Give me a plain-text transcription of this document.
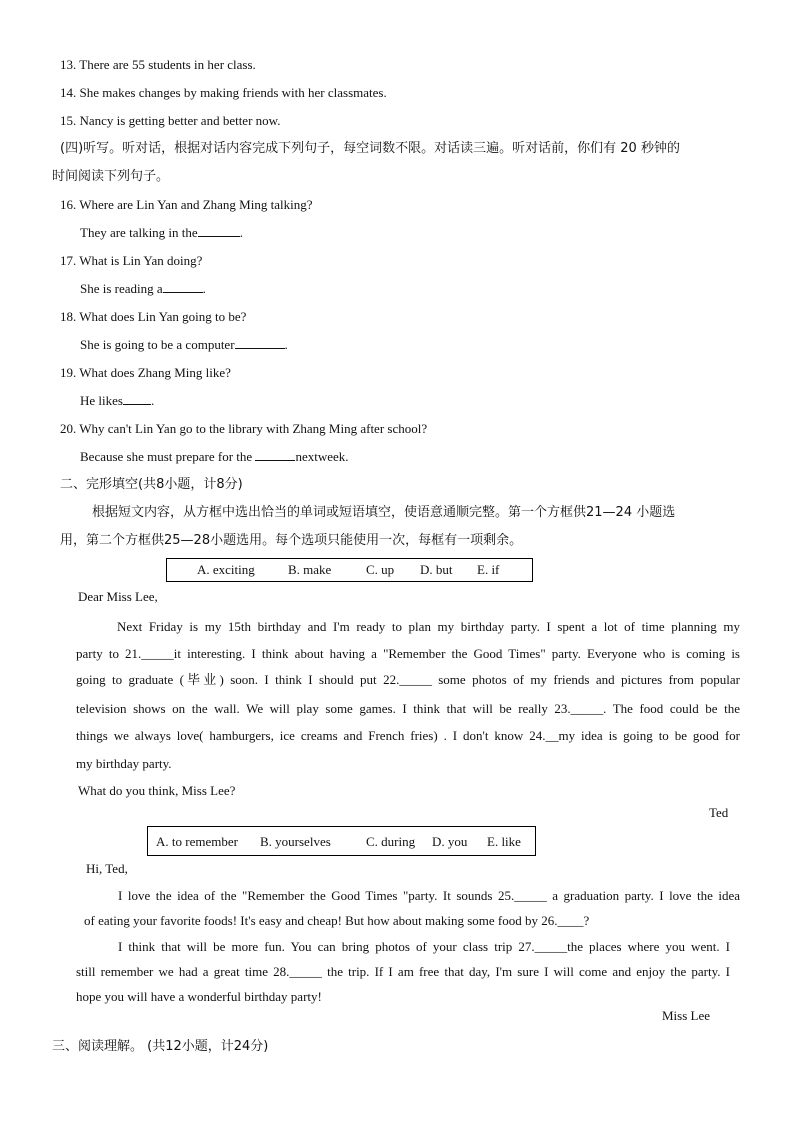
13. There are 55 students in her class.
14. She makes changes by making friends with her classmates.
15. Nancy is getting better and better now.
(四)听写。听对话，根据对话内容完成下列句子，每空词数不限。对话读三遍。听对话前，你们有 20 秒钟的
时间阅读下列句子。
16. Where are Lin Yan and Zhang Ming talking?
They are talking in the	.
17. What is Lin Yan doing?
She is reading a	.
18. What does Lin Yan going to be?
She is going to be a computer	.
19. What does Zhang Ming like?
He likes .
20. Why can't Lin Yan go to the library with Zhang Ming after school?
Because she must prepare for the	nextweek.
二、完形填空(共8小题，计8分)
根据短文内容，从方框中选出恰当的单词或短语填空，使语意通顺完整。第一个方框供21—24 小题选
用，第二个方框供25—28小题选用。每个选项只能使用一次，每框有一项剩余。
A. exciting	B. make	C. up D. but E. if
Dear Miss Lee,
Next Friday is my 15th birthday and I'm ready to plan my birthday party. I spent a lot of time planning my
party to 21._____it interesting. I think about having a "Remember the Good Times" party. Everyone who is coming is
going to graduate (毕业) soon. I think I should put 22._____ some photos of my friends and pictures from popular
television shows on the wall. We will play some games. I think that will be really 23._____. The food could be the
things we always love( hamburgers, ice creams and French fries) . I don't know 24.__my idea is going to be good for
my birthday party.
What do you think, Miss Lee?
Ted
A. to remember B. yourselves	C. during D. you E. like
Hi, Ted,
I love the idea of the "Remember the Good Times "party. It sounds 25._____ a graduation party. I love the idea
of eating your favorite foods! It's easy and cheap! But how about making some food by 26.____?
I think that will be more fun. You can bring photos of your class trip 27._____the places where you went. I
still remember we had a great time 28._____ the trip. If I am free that day, I'm sure I will come and enjoy the party. I
hope you will have a wonderful birthday party!
Miss Lee
三、阅读理解。 (共12小题，计24分)
